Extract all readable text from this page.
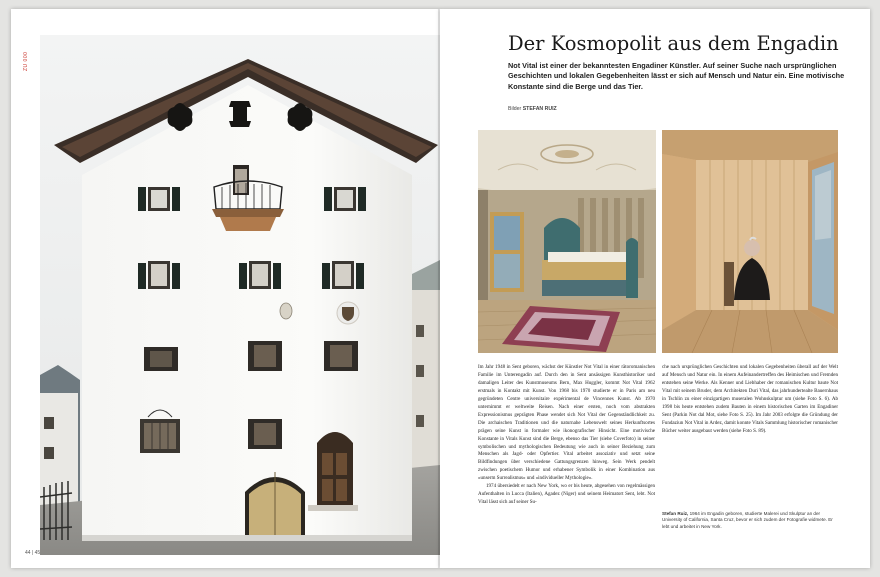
ZU 000
44 | 45
Der Kosmopolit aus dem Engadin

Not Vital ist einer der bekanntesten Engadiner Künstler. Auf seiner Suche nach ursprünglichen Geschichten und lokalen Gegebenheiten lässt er sich auf Mensch und Natur ein. Eine motivische Konstante sind die Berge und das Tier.

Bilder STEFAN RUIZ

Im Jahr 1948 in Sent geboren, wächst der Künstler Not Vital in einer rätoromanischen Familie im Unterengadin auf. Durch den in Sent ansässigen Kunsthistoriker und damaligen Leiter des Kunstmuseums Bern, Max Huggler, kommt Not Vital 1962 erstmals in Kontakt mit Kunst. Von 1968 bis 1970 studierte er in Paris am neu gegründeten Centre universitaire expérimental de Vincennes Kunst. Ab 1970 unternimmt er weltweite Reisen. Nach einer ersten, noch vom abstrakten Expressionismus geprägten Phase wendet sich Not Vital der Gegenständlichkeit zu. Die archaischen Traditionen und die naturnahe Lebenswelt seines Herkunftsortes prägen seine Kunst in formaler wie ikonografischer Hinsicht. Eine motivische Konstante in Vitals Kunst sind die Berge, ebenso das Tier (siehe Coverfoto) in seiner symbolischen und mythologischen Bedeutung wie auch in seiner Beziehung zum Menschen als Jagd- oder Opfertier. Vital arbeitet assoziativ und setzt seine Bildfindungen über verschiedene Gattungsgrenzen hinweg. Sein Werk pendelt zwischen poetischem Humor und erhabener Symbolik in einer Kombination aus «unserm Surrealismus» und «individueller Mythologie».

1974 übersiedelt er nach New York, wo er bis heute, abgesehen von regelmässigen Aufenthalten in Lucca (Italien), Agadez (Niger) und seinem Heimatort Sent, lebt. Not Vital lässt sich auf seiner Su-

che nach ursprünglichen Geschichten und lokalen Gegebenheiten überall auf der Welt auf Mensch und Natur ein. In einem Aufeinandertreffen des Heimischen und Fremden entstehen seine Werke. Als Kenner und Liebhaber der romanischen Kultur baute Not Vital mit seinem Bruder, dem Architekten Duri Vital, das jahrhundertealte Bauernhaus in Tschlin zu einer einzigartigen museralen Wohnskulptur um (siehe Foto S. 6). Ab 1998 bis heute entstehen zudem Bauten in einem historischen Garten im Engadiner Sent (Parkin Not dal Mot, siehe Foto S. 25). Im Jahr 2003 erfolgte die Gründung der Fundaziun Not Vital in Ardez, damit konnte Vitals Sammlung historischer romanischer Bücher weiter ausgebaut werden (siehe Foto S. 89).

Stefan Ruiz, 1964 im Engadin geboren, studierte Malerei und Skulptur an der University of California, Santa Cruz, bevor er sich zudem der Fotografie widmete. Er lebt und arbeitet in New York.
